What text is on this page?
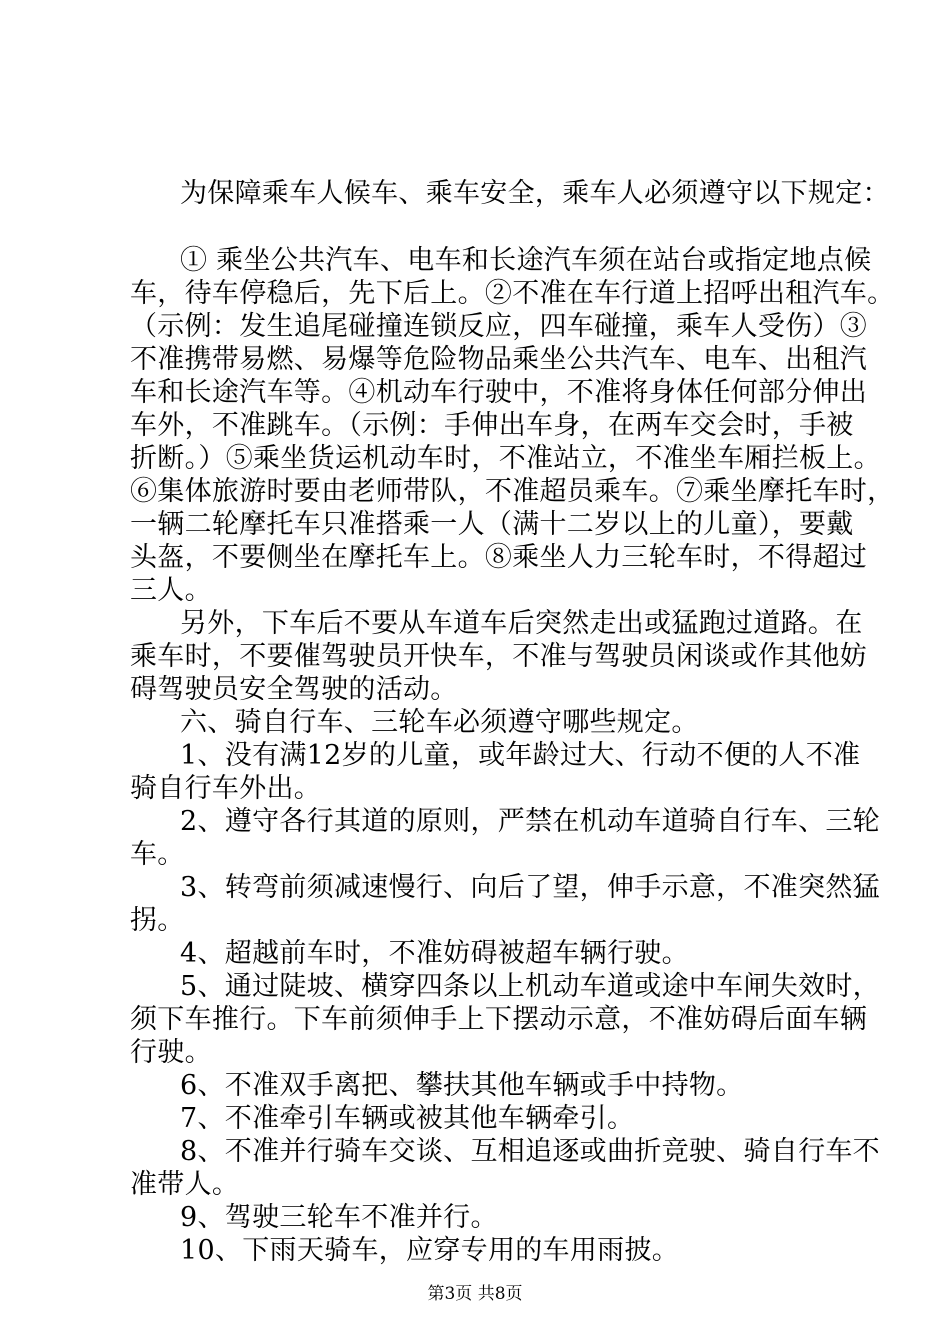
为保障乘车人候车、乘车安全，乘车人必须遵守以下规定：
① 乘坐公共汽车、电车和长途汽车须在站台或指定地点候
车，待车停稳后，先下后上。②不准在车行道上招呼出租汽车。
（示例：发生追尾碰撞连锁反应，四车碰撞，乘车人受伤）③
不准携带易燃、易爆等危险物品乘坐公共汽车、电车、出租汽
车和长途汽车等。④机动车行驶中，不准将身体任何部分伸出
车外，不准跳车。（示例：手伸出车身，在两车交会时，手被
折断。）⑤乘坐货运机动车时，不准站立，不准坐车厢拦板上。
⑥集体旅游时要由老师带队，不准超员乘车。⑦乘坐摩托车时，
一辆二轮摩托车只准搭乘一人（满十二岁以上的儿童），要戴
头盔，不要侧坐在摩托车上。⑧乘坐人力三轮车时，不得超过
三人。
另外，下车后不要从车道车后突然走出或猛跑过道路。在
乘车时，不要催驾驶员开快车，不准与驾驶员闲谈或作其他妨
碍驾驶员安全驾驶的活动。
六、骑自行车、三轮车必须遵守哪些规定。
1、没有满12岁的儿童，或年龄过大、行动不便的人不准
骑自行车外出。
2、遵守各行其道的原则，严禁在机动车道骑自行车、三轮
车。
3、转弯前须减速慢行、向后了望，伸手示意，不准突然猛
拐。
4、超越前车时，不准妨碍被超车辆行驶。
5、通过陡坡、横穿四条以上机动车道或途中车闸失效时，
须下车推行。下车前须伸手上下摆动示意，不准妨碍后面车辆
行驶。
6、不准双手离把、攀扶其他车辆或手中持物。
7、不准牵引车辆或被其他车辆牵引。
8、不准并行骑车交谈、互相追逐或曲折竞驶、骑自行车不
准带人。
9、驾驶三轮车不准并行。
10、下雨天骑车，应穿专用的车用雨披。
第3页 共8页
